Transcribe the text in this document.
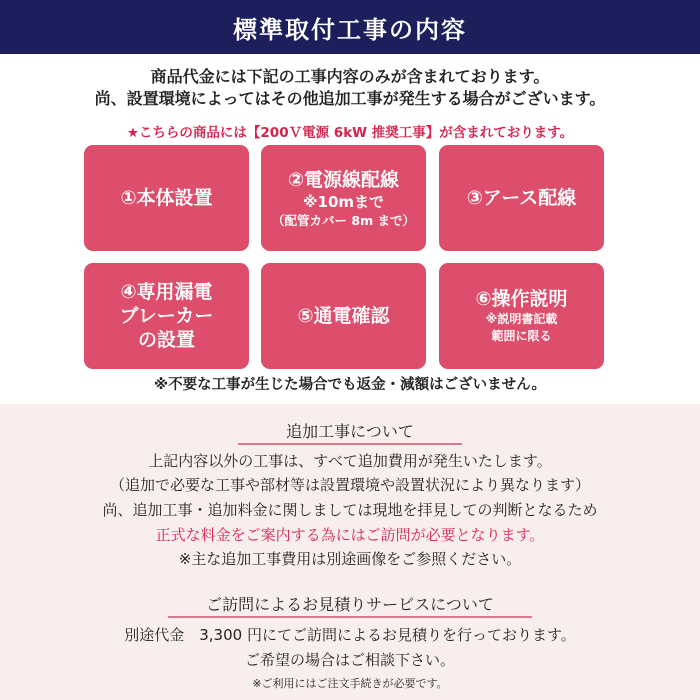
標準取付工事の内容
商品代金には下記の工事内容のみが含まれております。
尚、設置環境によってはその他追加工事が発生する場合がございます。
★こちらの商品には【200Ｖ電源 6kW 推奨工事】が含まれております。
①本体設置
②電源線配線
※10mまで
（配管カバー 8m まで）
③アース配線
④専用漏電
ブレーカー
の設置
⑤通電確認
⑥操作説明
※説明書記載
範囲に限る
※不要な工事が生じた場合でも返金・減額はございません。
追加工事について
上記内容以外の工事は、すべて追加費用が発生いたします。
（追加で必要な工事や部材等は設置環境や設置状況により異なります）
尚、追加工事・追加料金に関しましては現地を拝見しての判断となるため
正式な料金をご案内する為にはご訪問が必要となります。
※主な追加工事費用は別途画像をご参照ください。
ご訪問によるお見積りサービスについて
別途代金　3,300 円にてご訪問によるお見積りを行っております。
ご希望の場合はご相談下さい。
※ご利用にはご注文手続きが必要です。
